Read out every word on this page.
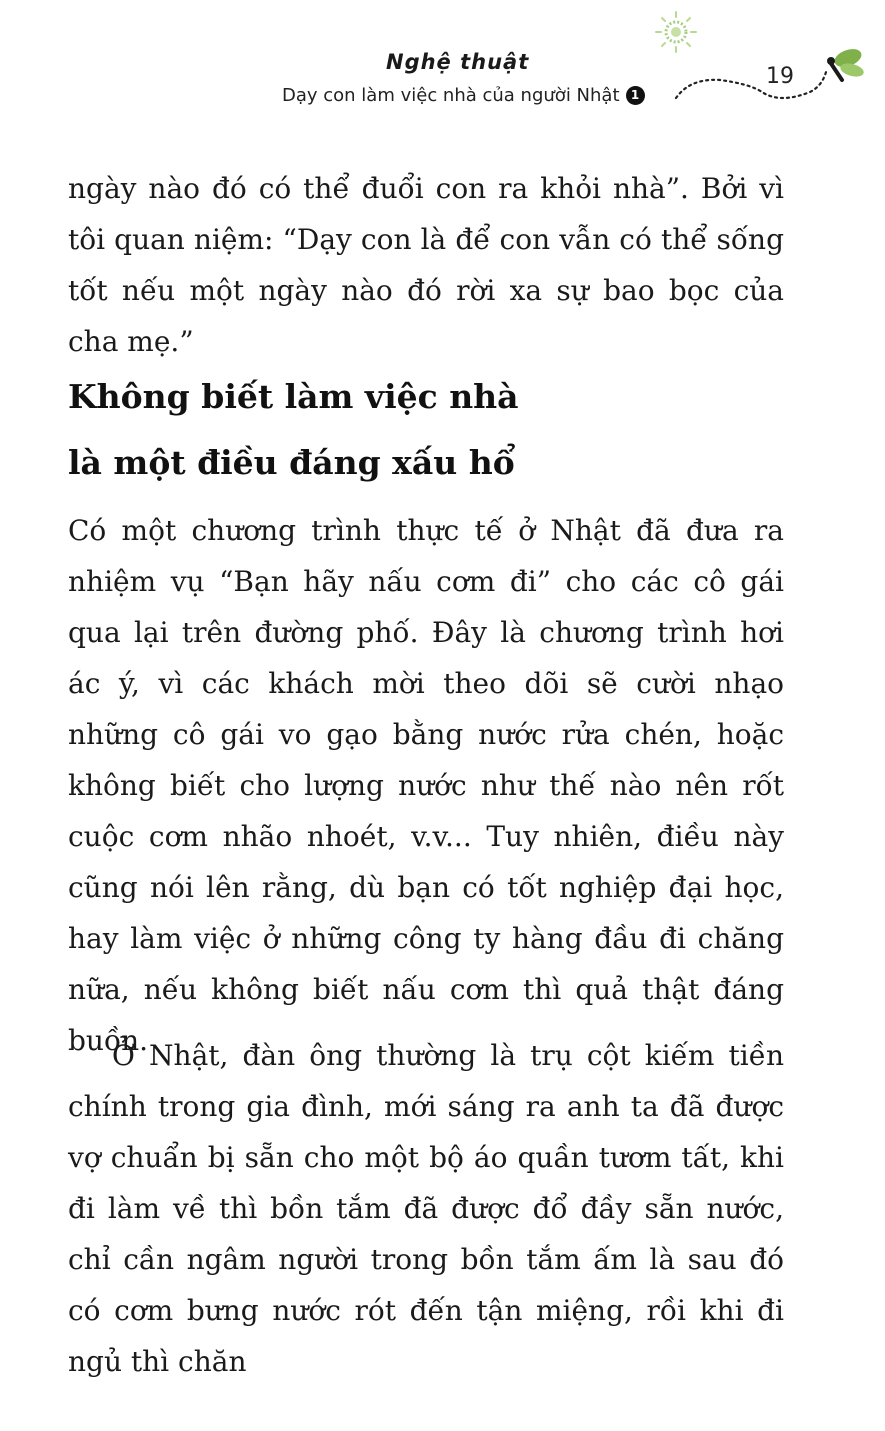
Nghệ thuật
Dạy con làm việc nhà của người Nhật 1
19

ngày nào đó có thể đuổi con ra khỏi nhà”. Bởi vì tôi quan niệm: “Dạy con là để con vẫn có thể sống tốt nếu một ngày nào đó rời xa sự bao bọc của cha mẹ.”

Không biết làm việc nhà
là một điều đáng xấu hổ

Có một chương trình thực tế ở Nhật đã đưa ra nhiệm vụ “Bạn hãy nấu cơm đi” cho các cô gái qua lại trên đường phố. Đây là chương trình hơi ác ý, vì các khách mời theo dõi sẽ cười nhạo những cô gái vo gạo bằng nước rửa chén, hoặc không biết cho lượng nước như thế nào nên rốt cuộc cơm nhão nhoét, v.v... Tuy nhiên, điều này cũng nói lên rằng, dù bạn có tốt nghiệp đại học, hay làm việc ở những công ty hàng đầu đi chăng nữa, nếu không biết nấu cơm thì quả thật đáng buồn.

Ở Nhật, đàn ông thường là trụ cột kiếm tiền chính trong gia đình, mới sáng ra anh ta đã được vợ chuẩn bị sẵn cho một bộ áo quần tươm tất, khi đi làm về thì bồn tắm đã được đổ đầy sẵn nước, chỉ cần ngâm người trong bồn tắm ấm là sau đó có cơm bưng nước rót đến tận miệng, rồi khi đi ngủ thì chăn
